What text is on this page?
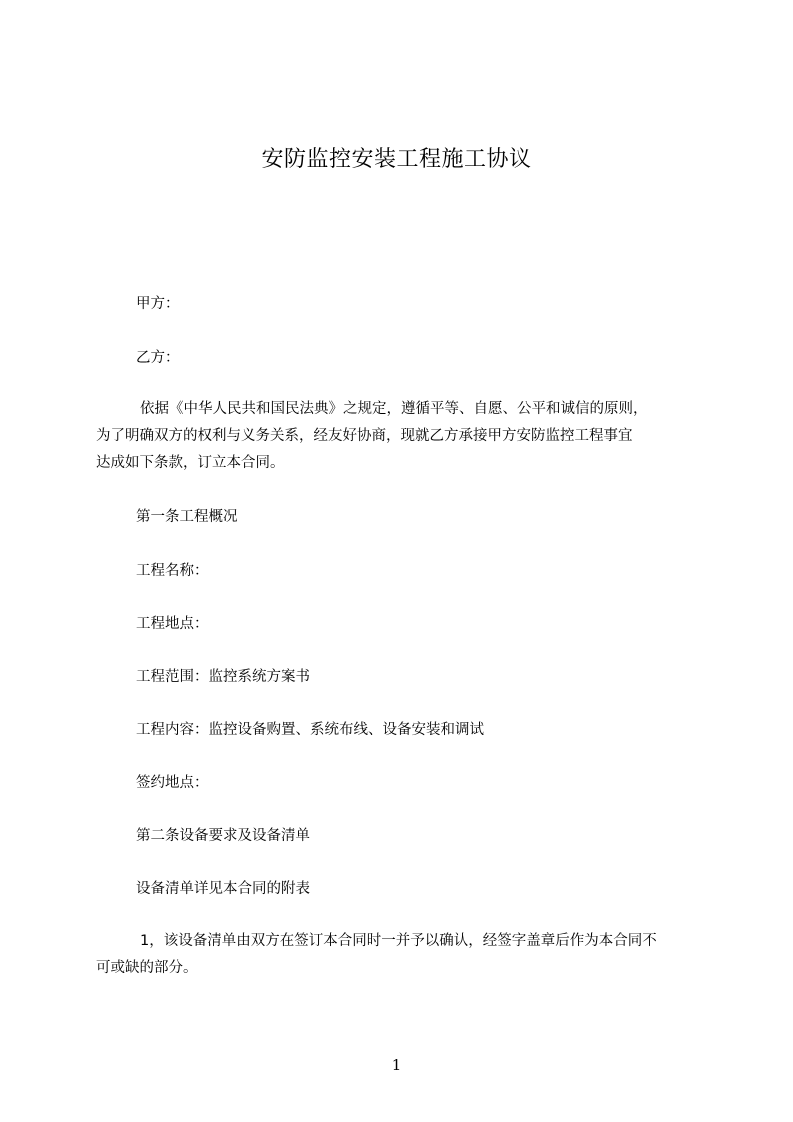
安防监控安装工程施工协议
甲方：
乙方：
依据《中华人民共和国民法典》之规定，遵循平等、自愿、公平和诚信的原则，
为了明确双方的权利与义务关系，经友好协商，现就乙方承接甲方安防监控工程事宜
达成如下条款，订立本合同。
第一条工程概况
工程名称：
工程地点：
工程范围：监控系统方案书
工程内容：监控设备购置、系统布线、设备安装和调试
签约地点：
第二条设备要求及设备清单
设备清单详见本合同的附表
1，该设备清单由双方在签订本合同时一并予以确认，经签字盖章后作为本合同不
可或缺的部分。
1
